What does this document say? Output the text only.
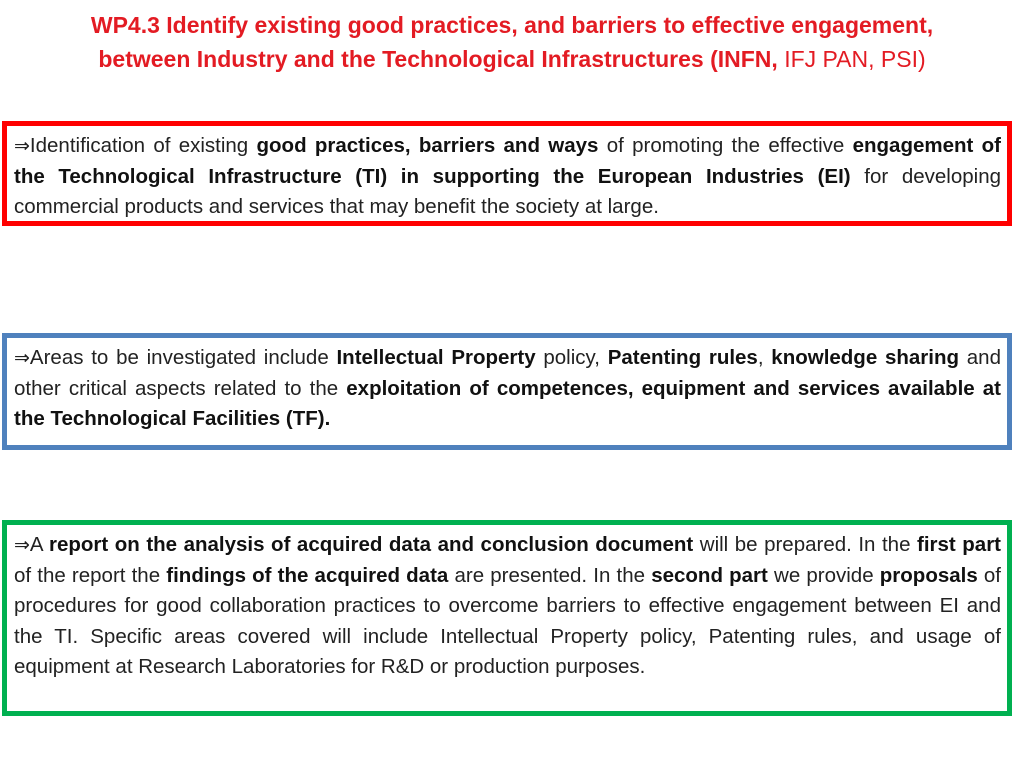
WP4.3 Identify existing good practices, and barriers to effective engagement,
between Industry and the Technological Infrastructures (INFN, IFJ PAN, PSI)
⇒Identification of existing good practices, barriers and ways of promoting the effective engagement of the Technological Infrastructure (TI) in supporting the European Industries (EI) for developing commercial products and services that may benefit the society at large.
⇒Areas to be investigated include Intellectual Property policy, Patenting rules, knowledge sharing and other critical aspects related to the exploitation of competences, equipment and services available at the Technological Facilities (TF).
⇒A report on the analysis of acquired data and conclusion document will be prepared. In the first part of the report the findings of the acquired data are presented. In the second part we provide proposals of procedures for good collaboration practices to overcome barriers to effective engagement between EI and the TI. Specific areas covered will include Intellectual Property policy, Patenting rules, and usage of equipment at Research Laboratories for R&D or production purposes.
